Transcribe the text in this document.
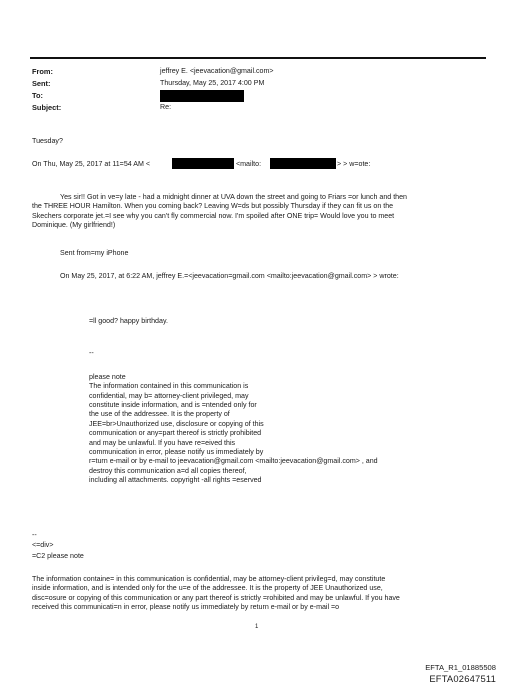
From:	jeffrey E. <jeevacation@gmail.com>
Sent:	Thursday, May 25, 2017 4:00 PM
To:
Subject:	Re:
Tuesday?
On Thu, May 25, 2017 at 11=54 AM <	<mailto:	> > w=ote:
Yes sir!! Got in ve=y late - had a midnight dinner at UVA down the street and going to Friars =or lunch and then
the THREE HOUR Hamilton. When you coming back? Leaving W=ds but possibly Thursday if they can fit us on the
Skechers corporate jet.=I see why you can't fly commercial now. I'm spoiled after ONE trip= Would love you to meet
Dominique. (My girlfriend!)
Sent from=my iPhone
On May 25, 2017, at 6:22 AM, jeffrey E.=<jeevacation=gmail.com <mailto:jeevacation@gmail.com> > wrote:
=ll good? happy birthday.
--
please note
The information contained in this communication is
confidential, may b= attorney-client privileged, may
constitute inside information, and is =ntended only for
the use of the addressee. It is the property of
JEE=br>Unauthorized use, disclosure or copying of this
communication or any=part thereof is strictly prohibited
and may be unlawful. If you have re=eived this
communication in error, please notify us immediately by
r=turn e-mail or by e-mail to jeevacation@gmail.com <mailto:jeevacation@gmail.com> , and
destroy this communication a=d all copies thereof,
including all attachments. copyright -all rights =eserved
--
<=div>
=C2 please note
The information containe= in this communication is confidential, may be attorney-client privileg=d, may constitute
inside information, and is intended only for the u=e of the addressee. It is the property of JEE Unauthorized use,
disc=osure or copying of this communication or any part thereof is strictly =rohibited and may be unlawful. If you have
received this communicati=n in error, please notify us immediately by return e-mail or by e-mail =o
1
EFTA_R1_01885508
EFTA02647511
